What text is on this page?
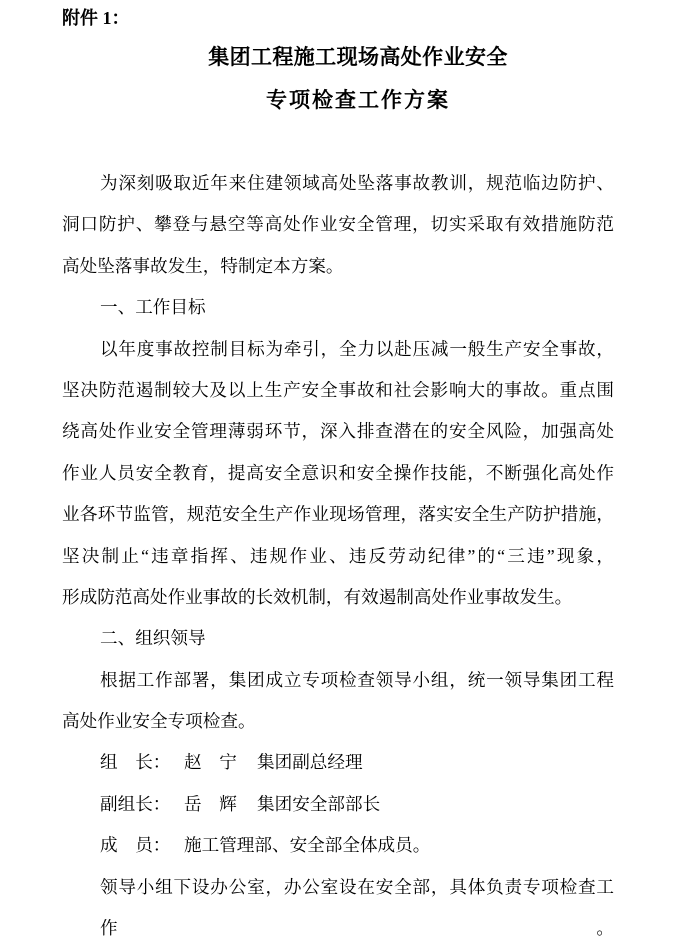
附件 1：
集团工程施工现场高处作业安全
专项检查工作方案
为深刻吸取近年来住建领域高处坠落事故教训，规范临边防护、
洞口防护、攀登与悬空等高处作业安全管理，切实采取有效措施防范
高处坠落事故发生，特制定本方案。
一、工作目标
以年度事故控制目标为牵引，全力以赴压减一般生产安全事故，
坚决防范遏制较大及以上生产安全事故和社会影响大的事故。重点围
绕高处作业安全管理薄弱环节，深入排查潜在的安全风险，加强高处
作业人员安全教育，提高安全意识和安全操作技能，不断强化高处作
业各环节监管，规范安全生产作业现场管理，落实安全生产防护措施，
坚决制止“违章指挥、违规作业、违反劳动纪律”的“三违”现象，
形成防范高处作业事故的长效机制，有效遏制高处作业事故发生。
二、组织领导
根据工作部署，集团成立专项检查领导小组，统一领导集团工程
高处作业安全专项检查。
组　长： 赵　宁 集团副总经理
副组长： 岳　辉 集团安全部部长
成　员： 施工管理部、安全部全体成员。
领导小组下设办公室，办公室设在安全部，具体负责专项检查工作。
